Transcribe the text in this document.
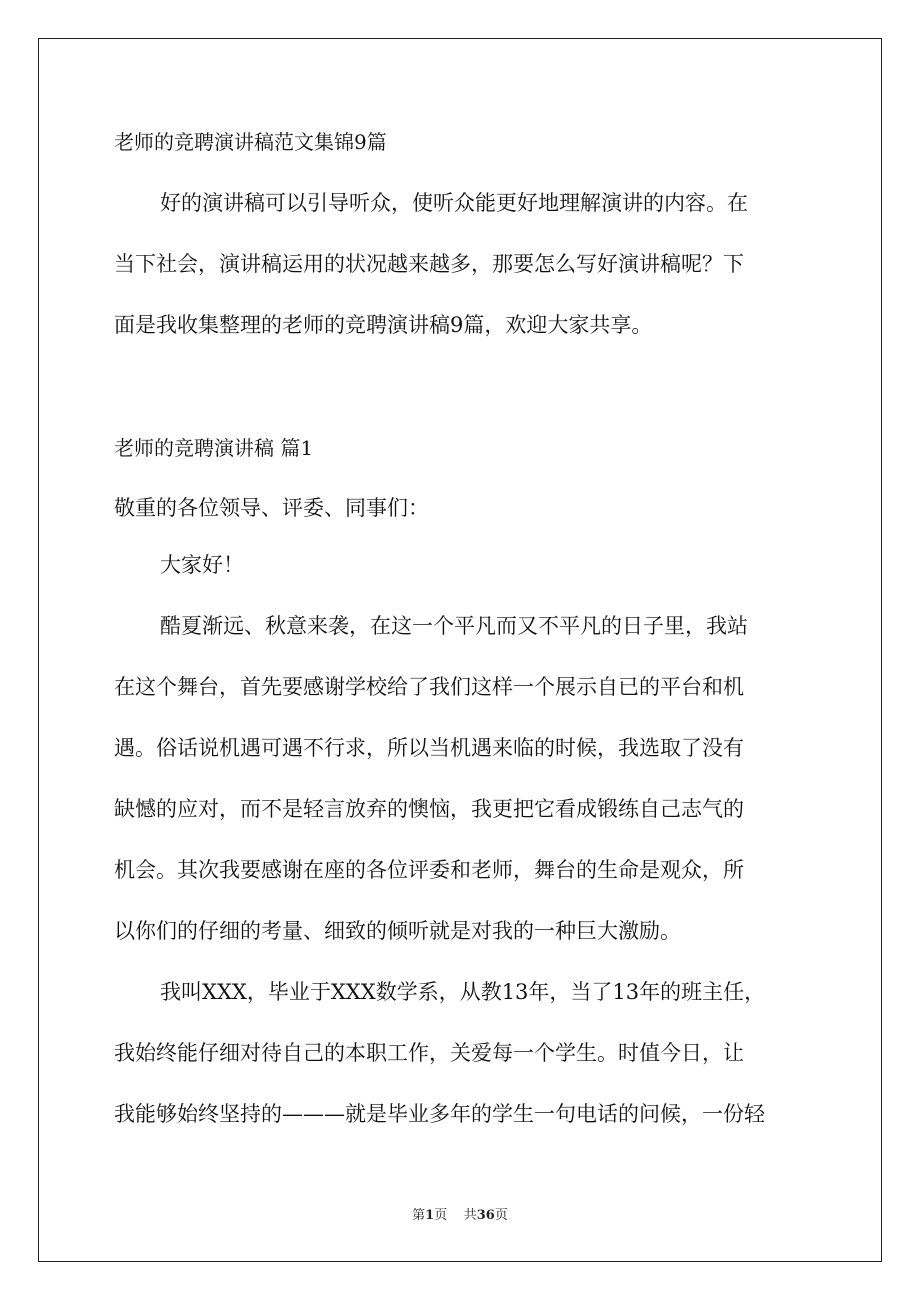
老师的竞聘演讲稿范文集锦9篇
好的演讲稿可以引导听众，使听众能更好地理解演讲的内容。在
当下社会，演讲稿运用的状况越来越多，那要怎么写好演讲稿呢？下
面是我收集整理的老师的竞聘演讲稿9篇，欢迎大家共享。
老师的竞聘演讲稿 篇1
敬重的各位领导、评委、同事们：
大家好！
酷夏渐远、秋意来袭，在这一个平凡而又不平凡的日子里，我站
在这个舞台，首先要感谢学校给了我们这样一个展示自已的平台和机
遇。俗话说机遇可遇不行求，所以当机遇来临的时候，我选取了没有
缺憾的应对，而不是轻言放弃的懊恼，我更把它看成锻练自己志气的
机会。其次我要感谢在座的各位评委和老师，舞台的生命是观众，所
以你们的仔细的考量、细致的倾听就是对我的一种巨大激励。
我叫XXX，毕业于XXX数学系，从教13年，当了13年的班主任，
我始终能仔细对待自己的本职工作，关爱每一个学生。时值今日，让
我能够始终坚持的———就是毕业多年的学生一句电话的问候，一份轻
第1页 共36页
